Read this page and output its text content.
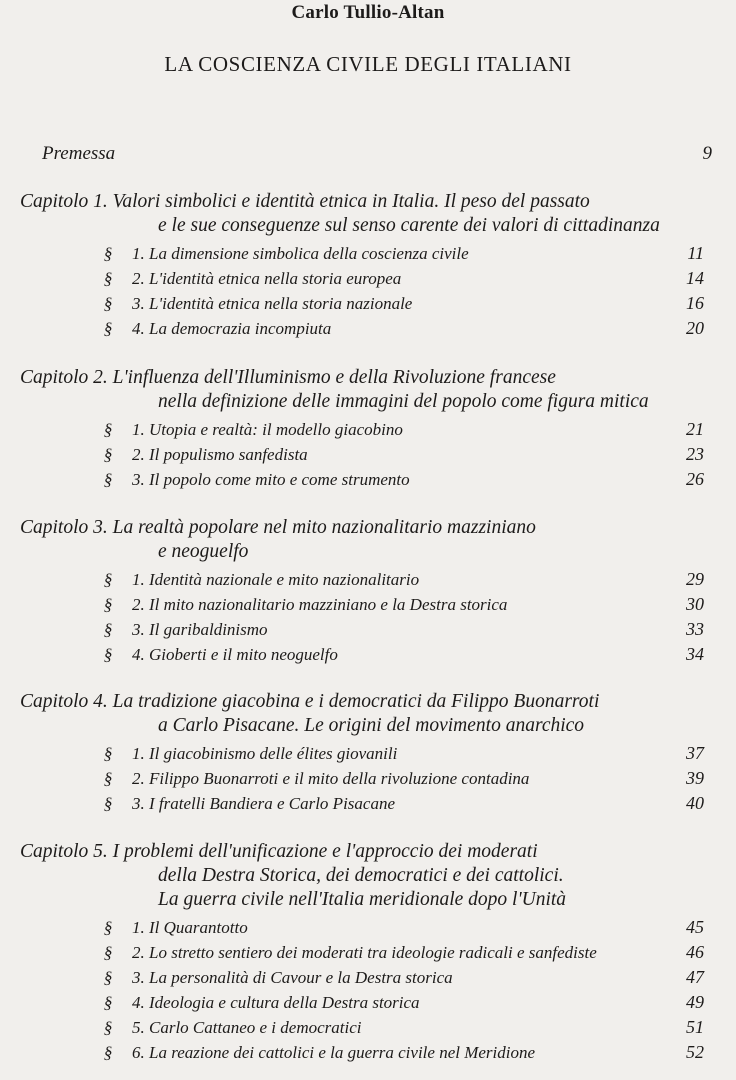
Carlo Tullio-Altan
LA COSCIENZA CIVILE DEGLI ITALIANI
Premessa	9
Capitolo 1. Valori simbolici e identità etnica in Italia. Il peso del passato
e le sue conseguenze sul senso carente dei valori di cittadinanza
§ 1. La dimensione simbolica della coscienza civile	11
§ 2. L'identità etnica nella storia europea	14
§ 3. L'identità etnica nella storia nazionale	16
§ 4. La democrazia incompiuta	20
Capitolo 2. L'influenza dell'Illuminismo e della Rivoluzione francese
nella definizione delle immagini del popolo come figura mitica
§ 1. Utopia e realtà: il modello giacobino	21
§ 2. Il populismo sanfedista	23
§ 3. Il popolo come mito e come strumento	26
Capitolo 3. La realtà popolare nel mito nazionalitario mazziniano
e neoguelfo
§ 1. Identità nazionale e mito nazionalitario	29
§ 2. Il mito nazionalitario mazziniano e la Destra storica	30
§ 3. Il garibaldinismo	33
§ 4. Gioberti e il mito neoguelfo	34
Capitolo 4. La tradizione giacobina e i democratici da Filippo Buonarroti
a Carlo Pisacane. Le origini del movimento anarchico
§ 1. Il giacobinismo delle élites giovanili	37
§ 2. Filippo Buonarroti e il mito della rivoluzione contadina	39
§ 3. I fratelli Bandiera e Carlo Pisacane	40
Capitolo 5. I problemi dell'unificazione e l'approccio dei moderati
della Destra Storica, dei democratici e dei cattolici.
La guerra civile nell'Italia meridionale dopo l'Unità
§ 1. Il Quarantotto	45
§ 2. Lo stretto sentiero dei moderati tra ideologie radicali e sanfediste	46
§ 3. La personalità di Cavour e la Destra storica	47
§ 4. Ideologia e cultura della Destra storica	49
§ 5. Carlo Cattaneo e i democratici	51
§ 6. La reazione dei cattolici e la guerra civile nel Meridione	52
